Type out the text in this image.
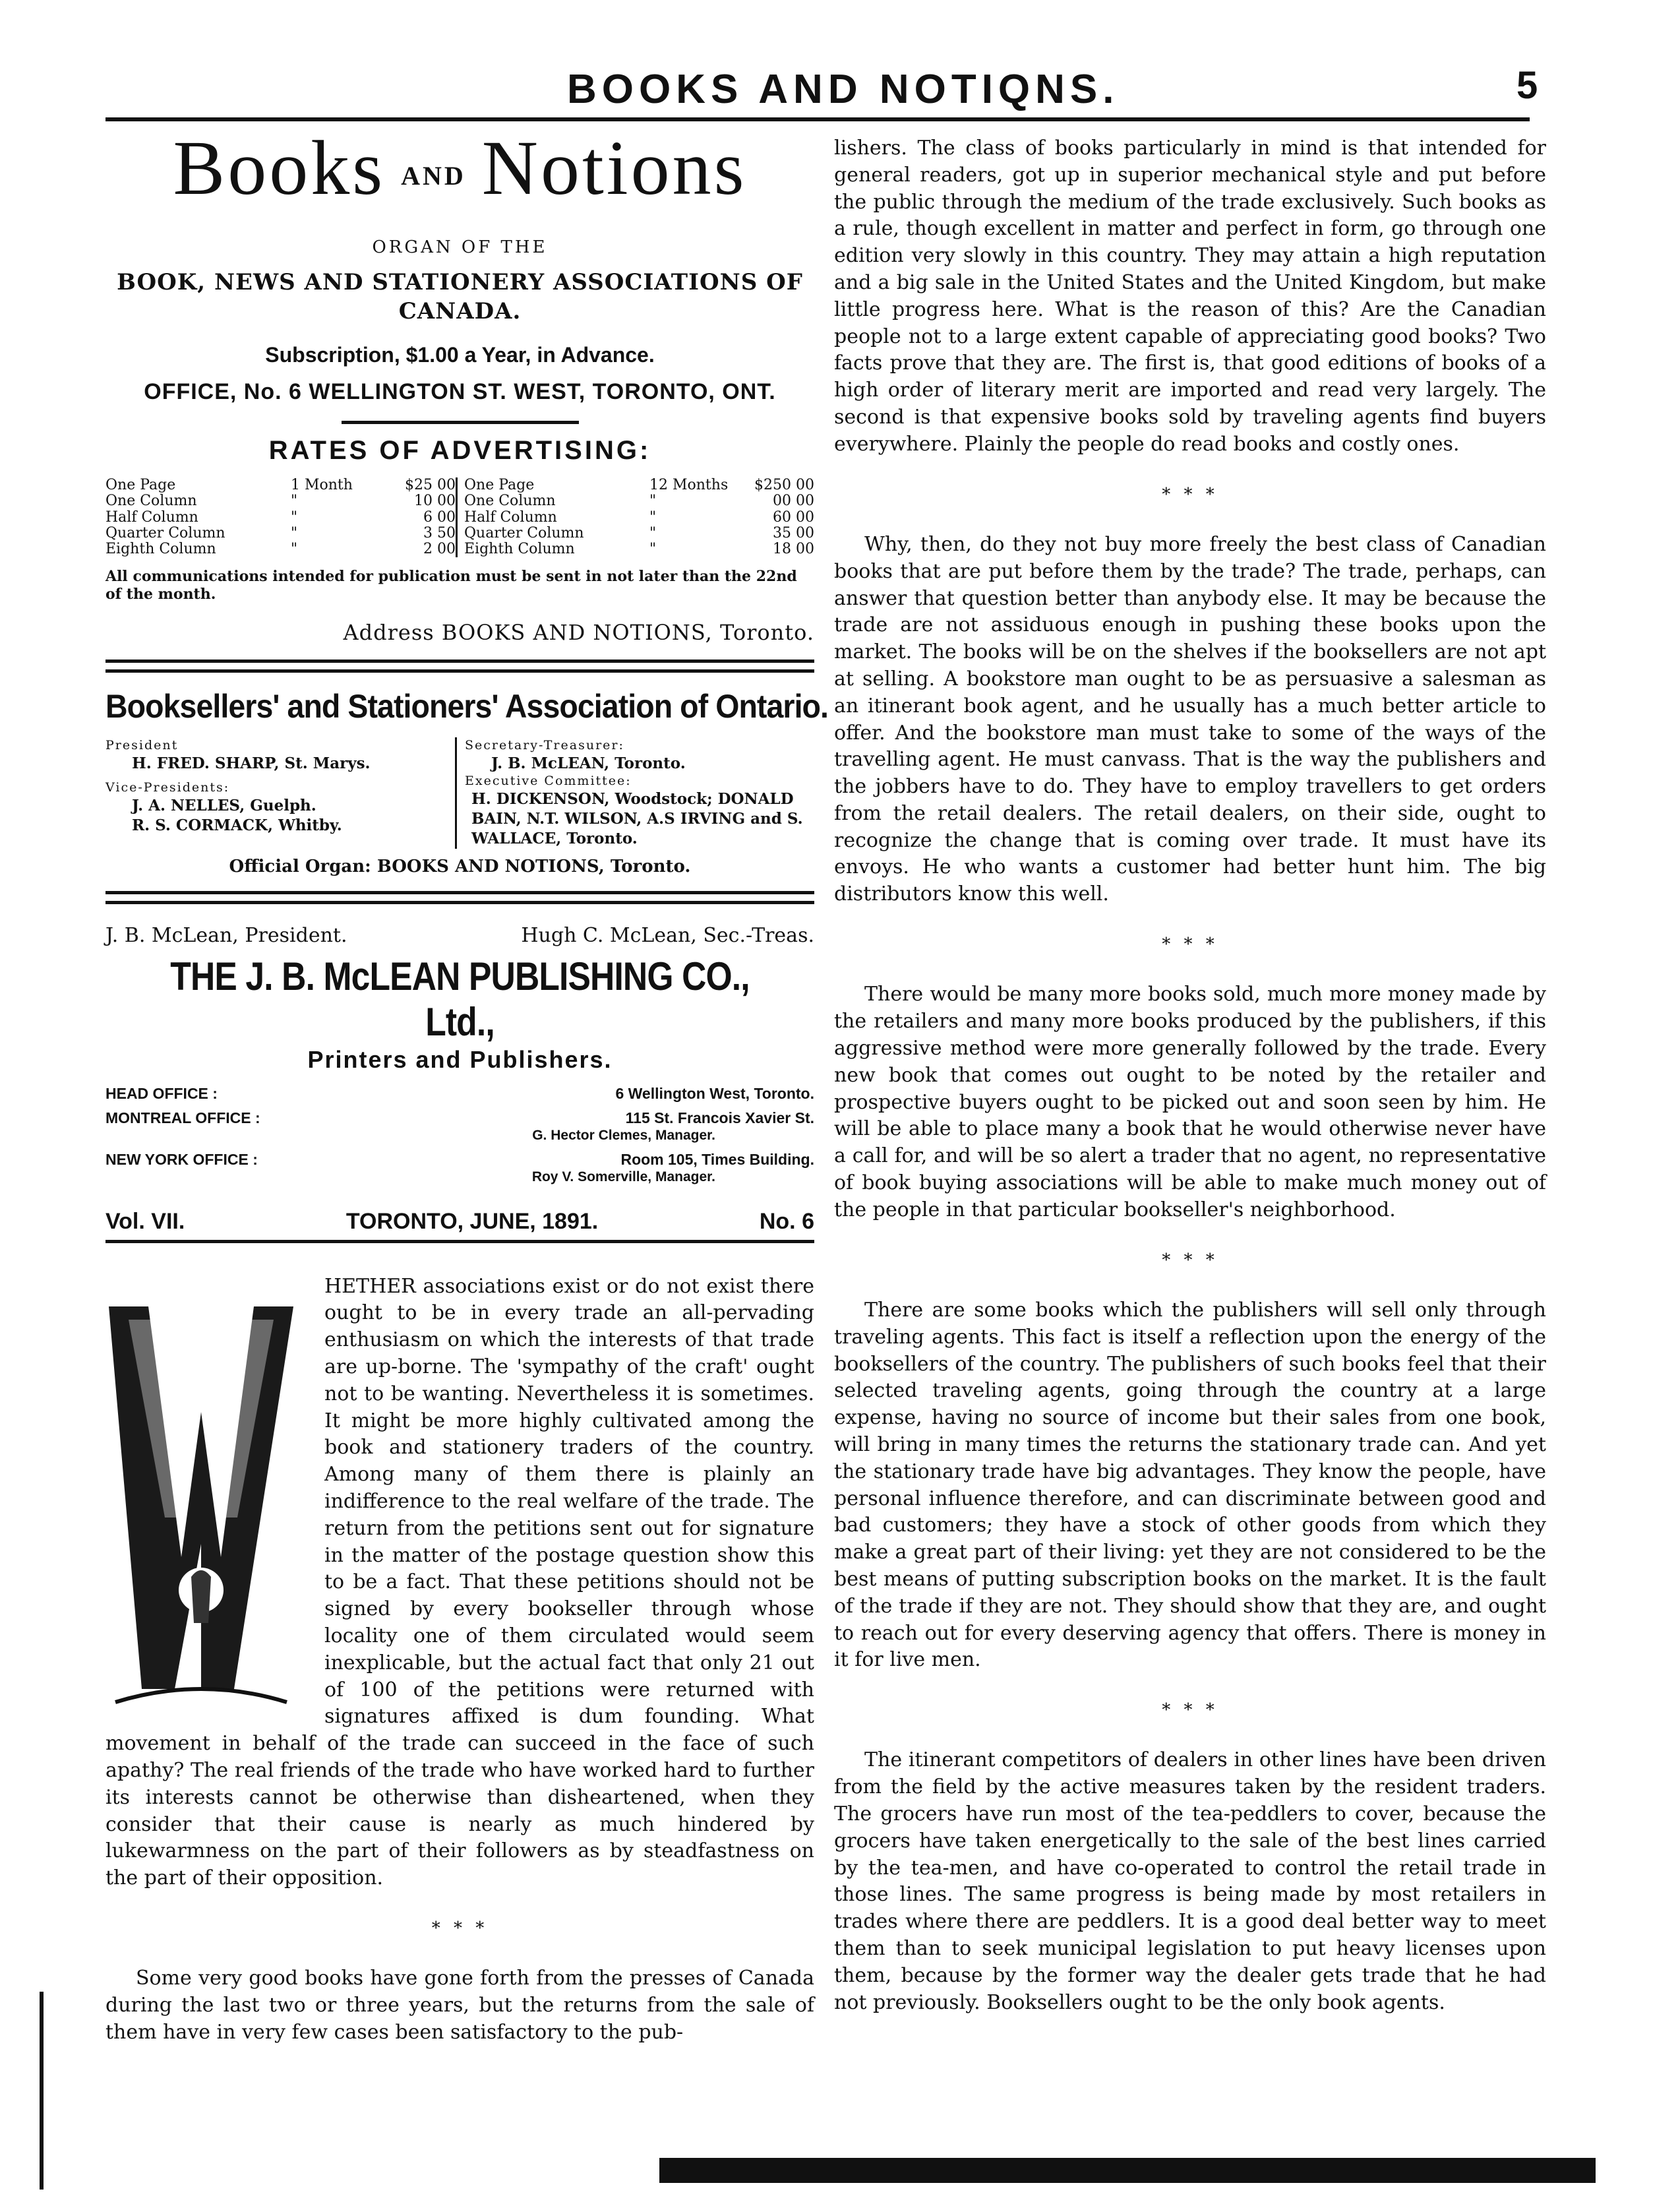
BOOKS AND NOTIQNS.	5
Books AND Notions
ORGAN OF THE
BOOK, NEWS AND STATIONERY ASSOCIATIONS OF CANADA.
Subscription, $1.00 a Year, in Advance.
OFFICE, No. 6 WELLINGTON ST. WEST, TORONTO, ONT.
RATES OF ADVERTISING:
One Page	1 Month	$25 00
One Column	"	10 00
Half Column	"	6 00
Quarter Column	"	3 50
Eighth Column	"	2 00
One Page	12 Months	$250 00
One Column	"	00 00
Half Column	"	60 00
Quarter Column	"	35 00
Eighth Column	"	18 00
All communications intended for publication must be sent in not later than the 22nd of the month.
Address BOOKS AND NOTIONS, Toronto.
Booksellers' and Stationers' Association of Ontario.
President
H. FRED. SHARP, St. Marys.
Vice-Presidents:
J. A. NELLES, Guelph.
R. S. CORMACK, Whitby.
Secretary-Treasurer:
J. B. McLEAN, Toronto.
Executive Committee:
H. DICKENSON, Woodstock; DONALD BAIN, N.T. WILSON, A.S IRVING and S. WALLACE, Toronto.
Official Organ: BOOKS AND NOTIONS, Toronto.
J. B. McLean, President.	Hugh C. McLean, Sec.-Treas.
THE J. B. McLEAN PUBLISHING CO., Ltd.,
Printers and Publishers.
HEAD OFFICE :	6 Wellington West, Toronto.
MONTREAL OFFICE :	115 St. Francois Xavier St.
G. Hector Clemes, Manager.
NEW YORK OFFICE :	Room 105, Times Building.
Roy V. Somerville, Manager.
Vol. VII.	TORONTO, JUNE, 1891.	No. 6

HETHER associations exist or do not exist there ought to be in every trade an all-pervading enthusiasm on which the interests of that trade are up-borne. The 'sympathy of the craft' ought not to be wanting. Nevertheless it is sometimes. It might be more highly cultivated among the book and stationery traders of the country. Among many of them there is plainly an indifference to the real welfare of the trade. The return from the petitions sent out for signature in the matter of the postage question show this to be a fact. That these petitions should not be signed by every bookseller through whose locality one of them circulated would seem inexplicable, but the actual fact that only 21 out of 100 of the petitions were returned with signatures affixed is dum founding. What movement in behalf of the trade can succeed in the face of such apathy? The real friends of the trade who have worked hard to further its interests cannot be otherwise than disheartened, when they consider that their cause is nearly as much hindered by lukewarmness on the part of their followers as by steadfastness on the part of their opposition.

* * *

Some very good books have gone forth from the presses of Canada during the last two or three years, but the returns from the sale of them have in very few cases been satisfactory to the pub-

lishers. The class of books particularly in mind is that intended for general readers, got up in superior mechanical style and put before the public through the medium of the trade exclusively. Such books as a rule, though excellent in matter and perfect in form, go through one edition very slowly in this country. They may attain a high reputation and a big sale in the United States and the United Kingdom, but make little progress here. What is the reason of this? Are the Canadian people not to a large extent capable of appreciating good books? Two facts prove that they are. The first is, that good editions of books of a high order of literary merit are imported and read very largely. The second is that expensive books sold by traveling agents find buyers everywhere. Plainly the people do read books and costly ones.

* * *

Why, then, do they not buy more freely the best class of Canadian books that are put before them by the trade? The trade, perhaps, can answer that question better than anybody else. It may be because the trade are not assiduous enough in pushing these books upon the market. The books will be on the shelves if the booksellers are not apt at selling. A bookstore man ought to be as persuasive a salesman as an itinerant book agent, and he usually has a much better article to offer. And the bookstore man must take to some of the ways of the travelling agent. He must canvass. That is the way the publishers and the jobbers have to do. They have to employ travellers to get orders from the retail dealers. The retail dealers, on their side, ought to recognize the change that is coming over trade. It must have its envoys. He who wants a customer had better hunt him. The big distributors know this well.

* * *

There would be many more books sold, much more money made by the retailers and many more books produced by the publishers, if this aggressive method were more generally followed by the trade. Every new book that comes out ought to be noted by the retailer and prospective buyers ought to be picked out and soon seen by him. He will be able to place many a book that he would otherwise never have a call for, and will be so alert a trader that no agent, no representative of book buying associations will be able to make much money out of the people in that particular bookseller's neighborhood.

* * *

There are some books which the publishers will sell only through traveling agents. This fact is itself a reflection upon the energy of the booksellers of the country. The publishers of such books feel that their selected traveling agents, going through the country at a large expense, having no source of income but their sales from one book, will bring in many times the returns the stationary trade can. And yet the stationary trade have big advantages. They know the people, have personal influence therefore, and can discriminate between good and bad customers; they have a stock of other goods from which they make a great part of their living: yet they are not considered to be the best means of putting subscription books on the market. It is the fault of the trade if they are not. They should show that they are, and ought to reach out for every deserving agency that offers. There is money in it for live men.

* * *

The itinerant competitors of dealers in other lines have been driven from the field by the active measures taken by the resident traders. The grocers have run most of the tea-peddlers to cover, because the grocers have taken energetically to the sale of the best lines carried by the tea-men, and have co-operated to control the retail trade in those lines. The same progress is being made by most retailers in trades where there are peddlers. It is a good deal better way to meet them than to seek municipal legislation to put heavy licenses upon them, because by the former way the dealer gets trade that he had not previously. Booksellers ought to be the only book agents.
